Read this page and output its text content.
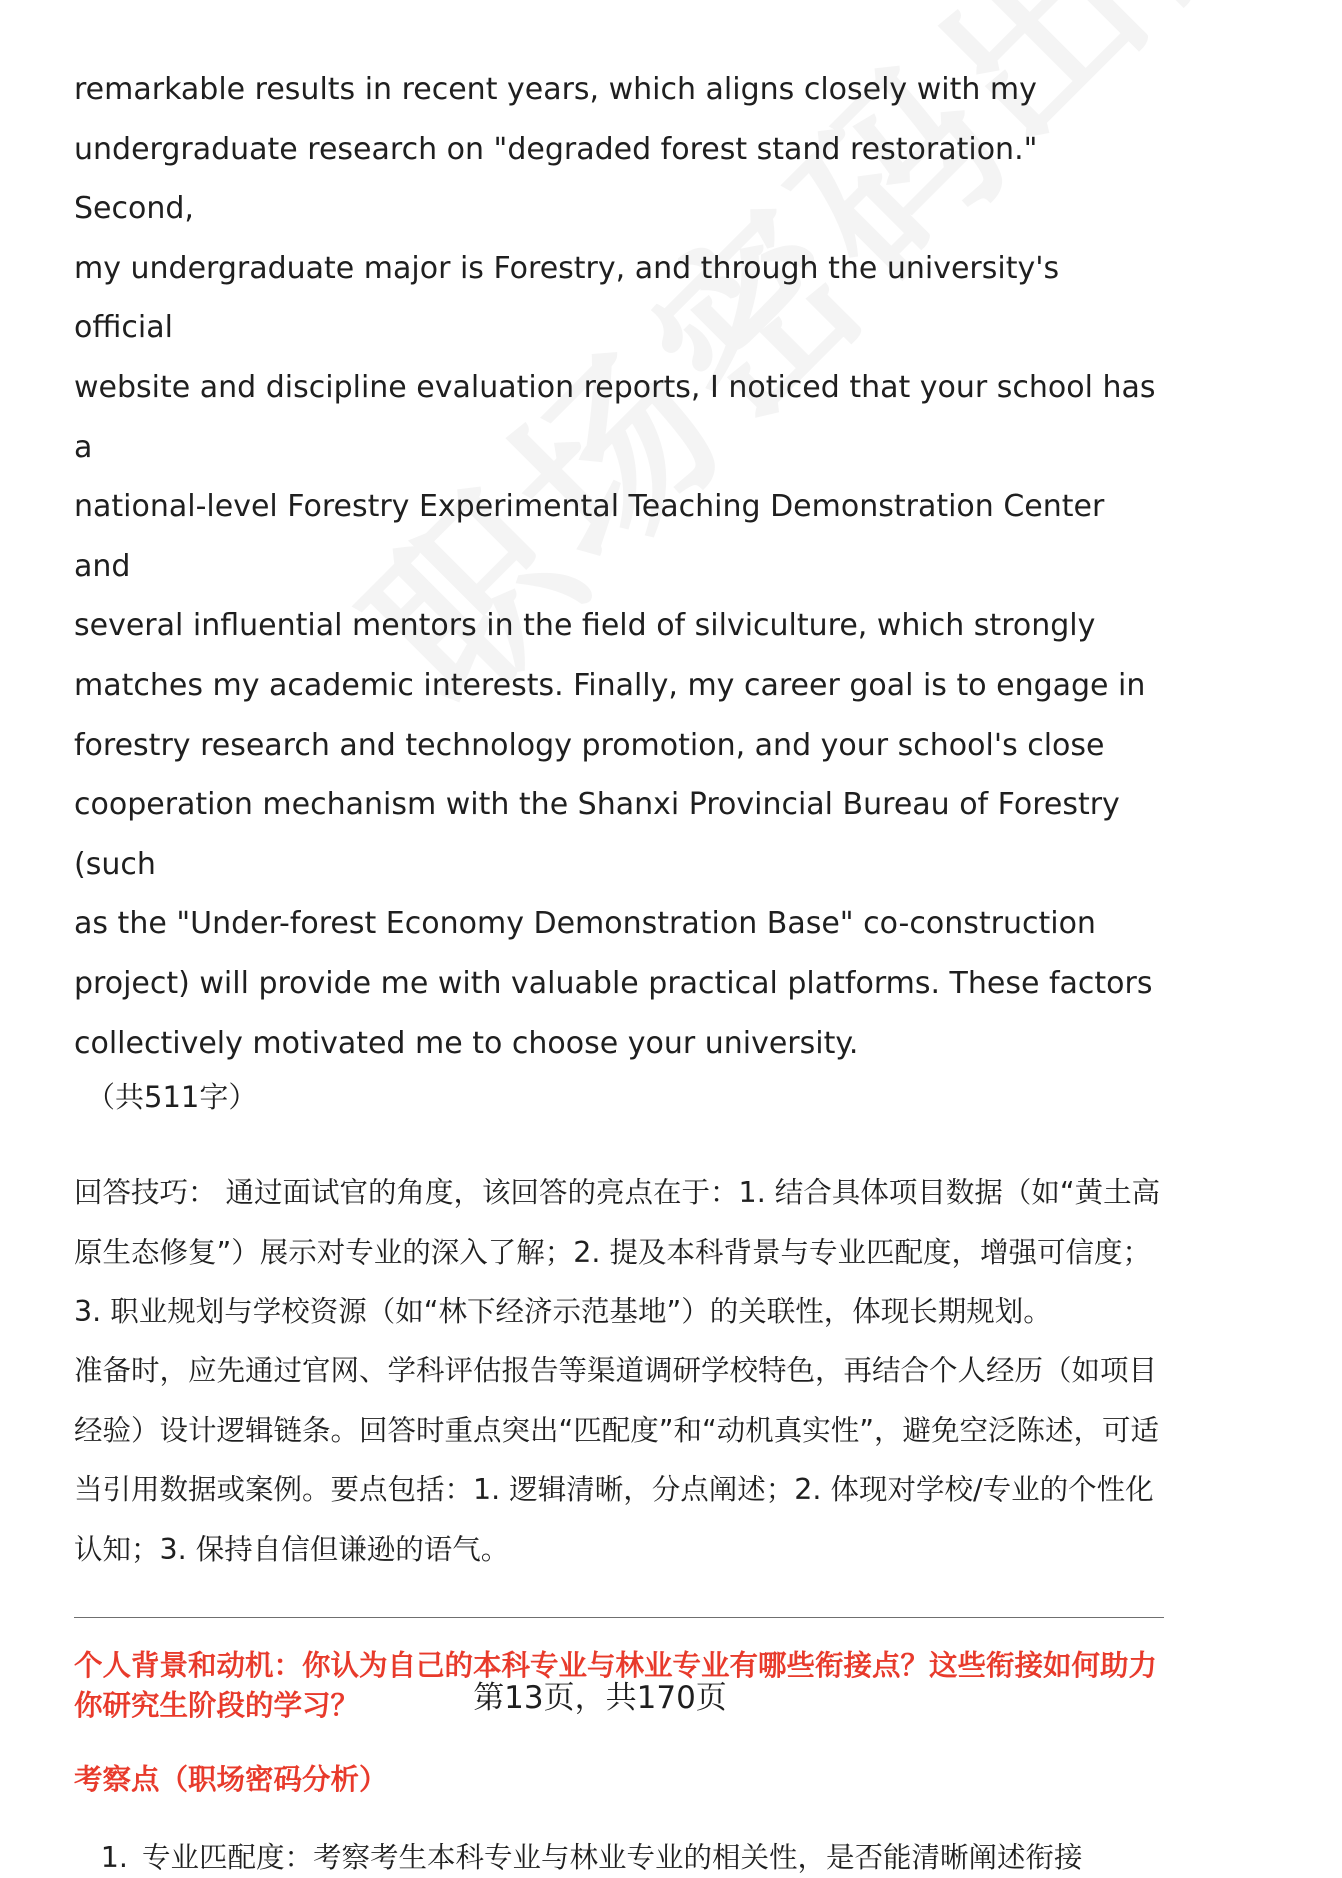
remarkable results in recent years, which aligns closely with my
undergraduate research on "degraded forest stand restoration." Second,
my undergraduate major is Forestry, and through the university's official
website and discipline evaluation reports, I noticed that your school has a
national-level Forestry Experimental Teaching Demonstration Center and
several influential mentors in the field of silviculture, which strongly
matches my academic interests. Finally, my career goal is to engage in
forestry research and technology promotion, and your school's close
cooperation mechanism with the Shanxi Provincial Bureau of Forestry (such
as the "Under-forest Economy Demonstration Base" co-construction
project) will provide me with valuable practical platforms. These factors
collectively motivated me to choose your university.
（共511字）

回答技巧： 通过面试官的角度，该回答的亮点在于：1. 结合具体项目数据（如“黄土高原生态修复”）展示对专业的深入了解；2. 提及本科背景与专业匹配度，增强可信度；3. 职业规划与学校资源（如“林下经济示范基地”）的关联性，体现长期规划。

准备时，应先通过官网、学科评估报告等渠道调研学校特色，再结合个人经历（如项目经验）设计逻辑链条。回答时重点突出“匹配度”和“动机真实性”，避免空泛陈述，可适当引用数据或案例。要点包括：1. 逻辑清晰，分点阐述；2. 体现对学校/专业的个性化认知；3. 保持自信但谦逊的语气。

个人背景和动机：你认为自己的本科专业与林业专业有哪些衔接点？这些衔接如何助力你研究生阶段的学习？
考察点（职场密码分析）
1. 专业匹配度：考察考生本科专业与林业专业的相关性，是否能清晰阐述衔接
第13页，共170页
